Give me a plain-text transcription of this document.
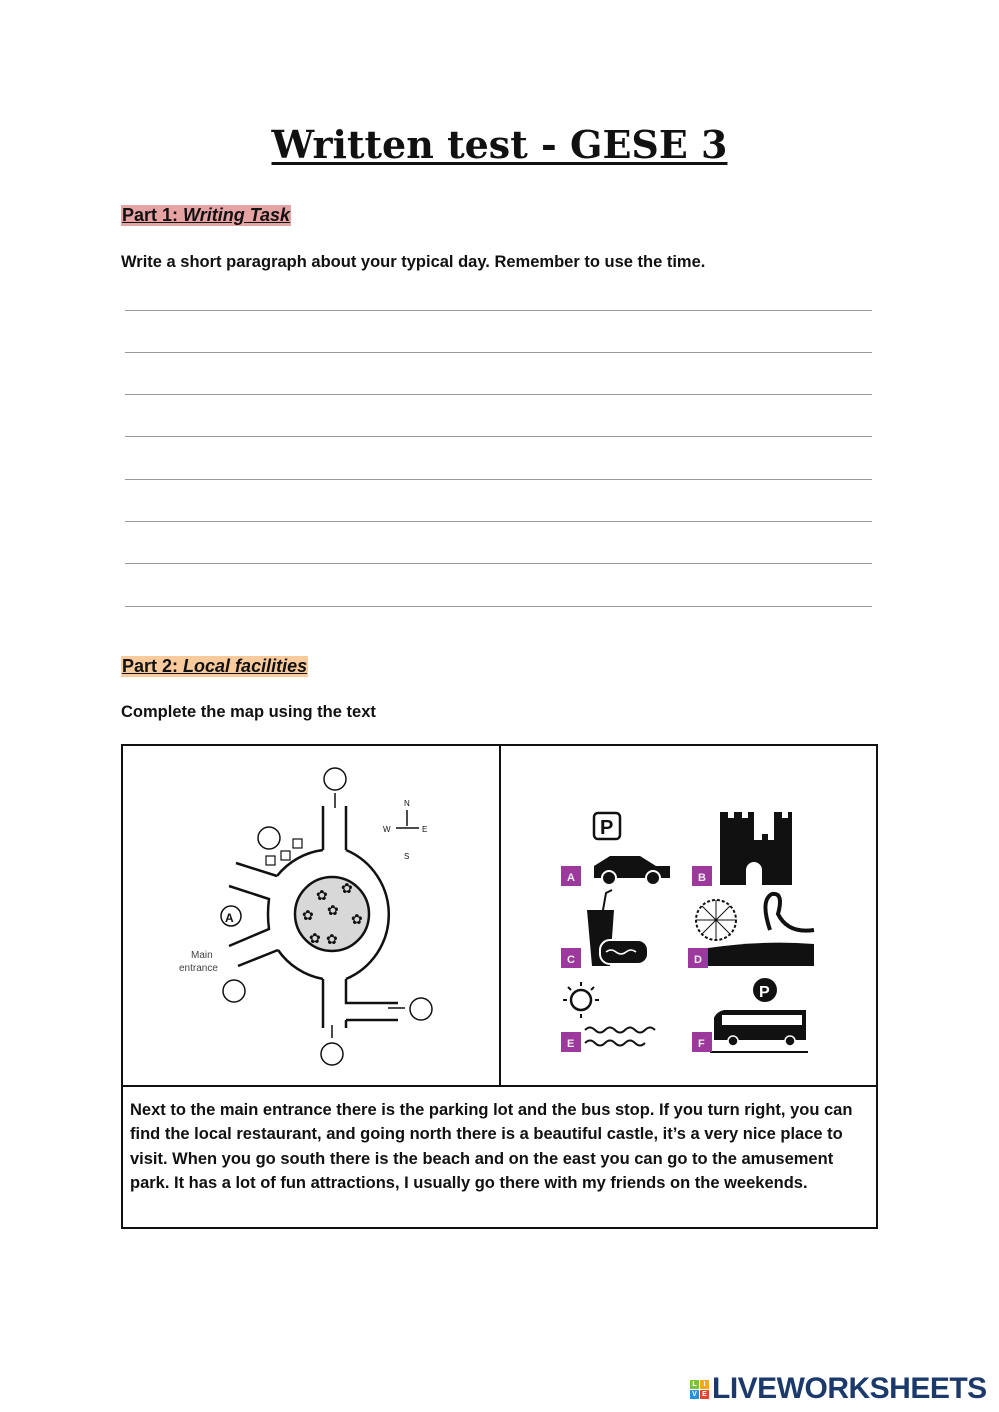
Written test - GESE 3
Part 1: Writing Task
Write a short paragraph about your typical day. Remember to use the time.
Part 2: Local facilities
Complete the map using the text
✿ ✿
✿
✿	✿
✿ ✿
A
Main
entrance
N
S
W	E	P
P
A	B
C	D
E	F
Next to the main entrance there is the parking lot and the bus stop. If you turn right, you can find the local restaurant, and going north there is a beautiful castle, it’s a very nice place to visit. When you go south there is the beach and on the east you can go to the amusement park. It has a lot of fun attractions, I usually go there with my friends on the weekends.
L I
V E LIVEWORKSHEETS
